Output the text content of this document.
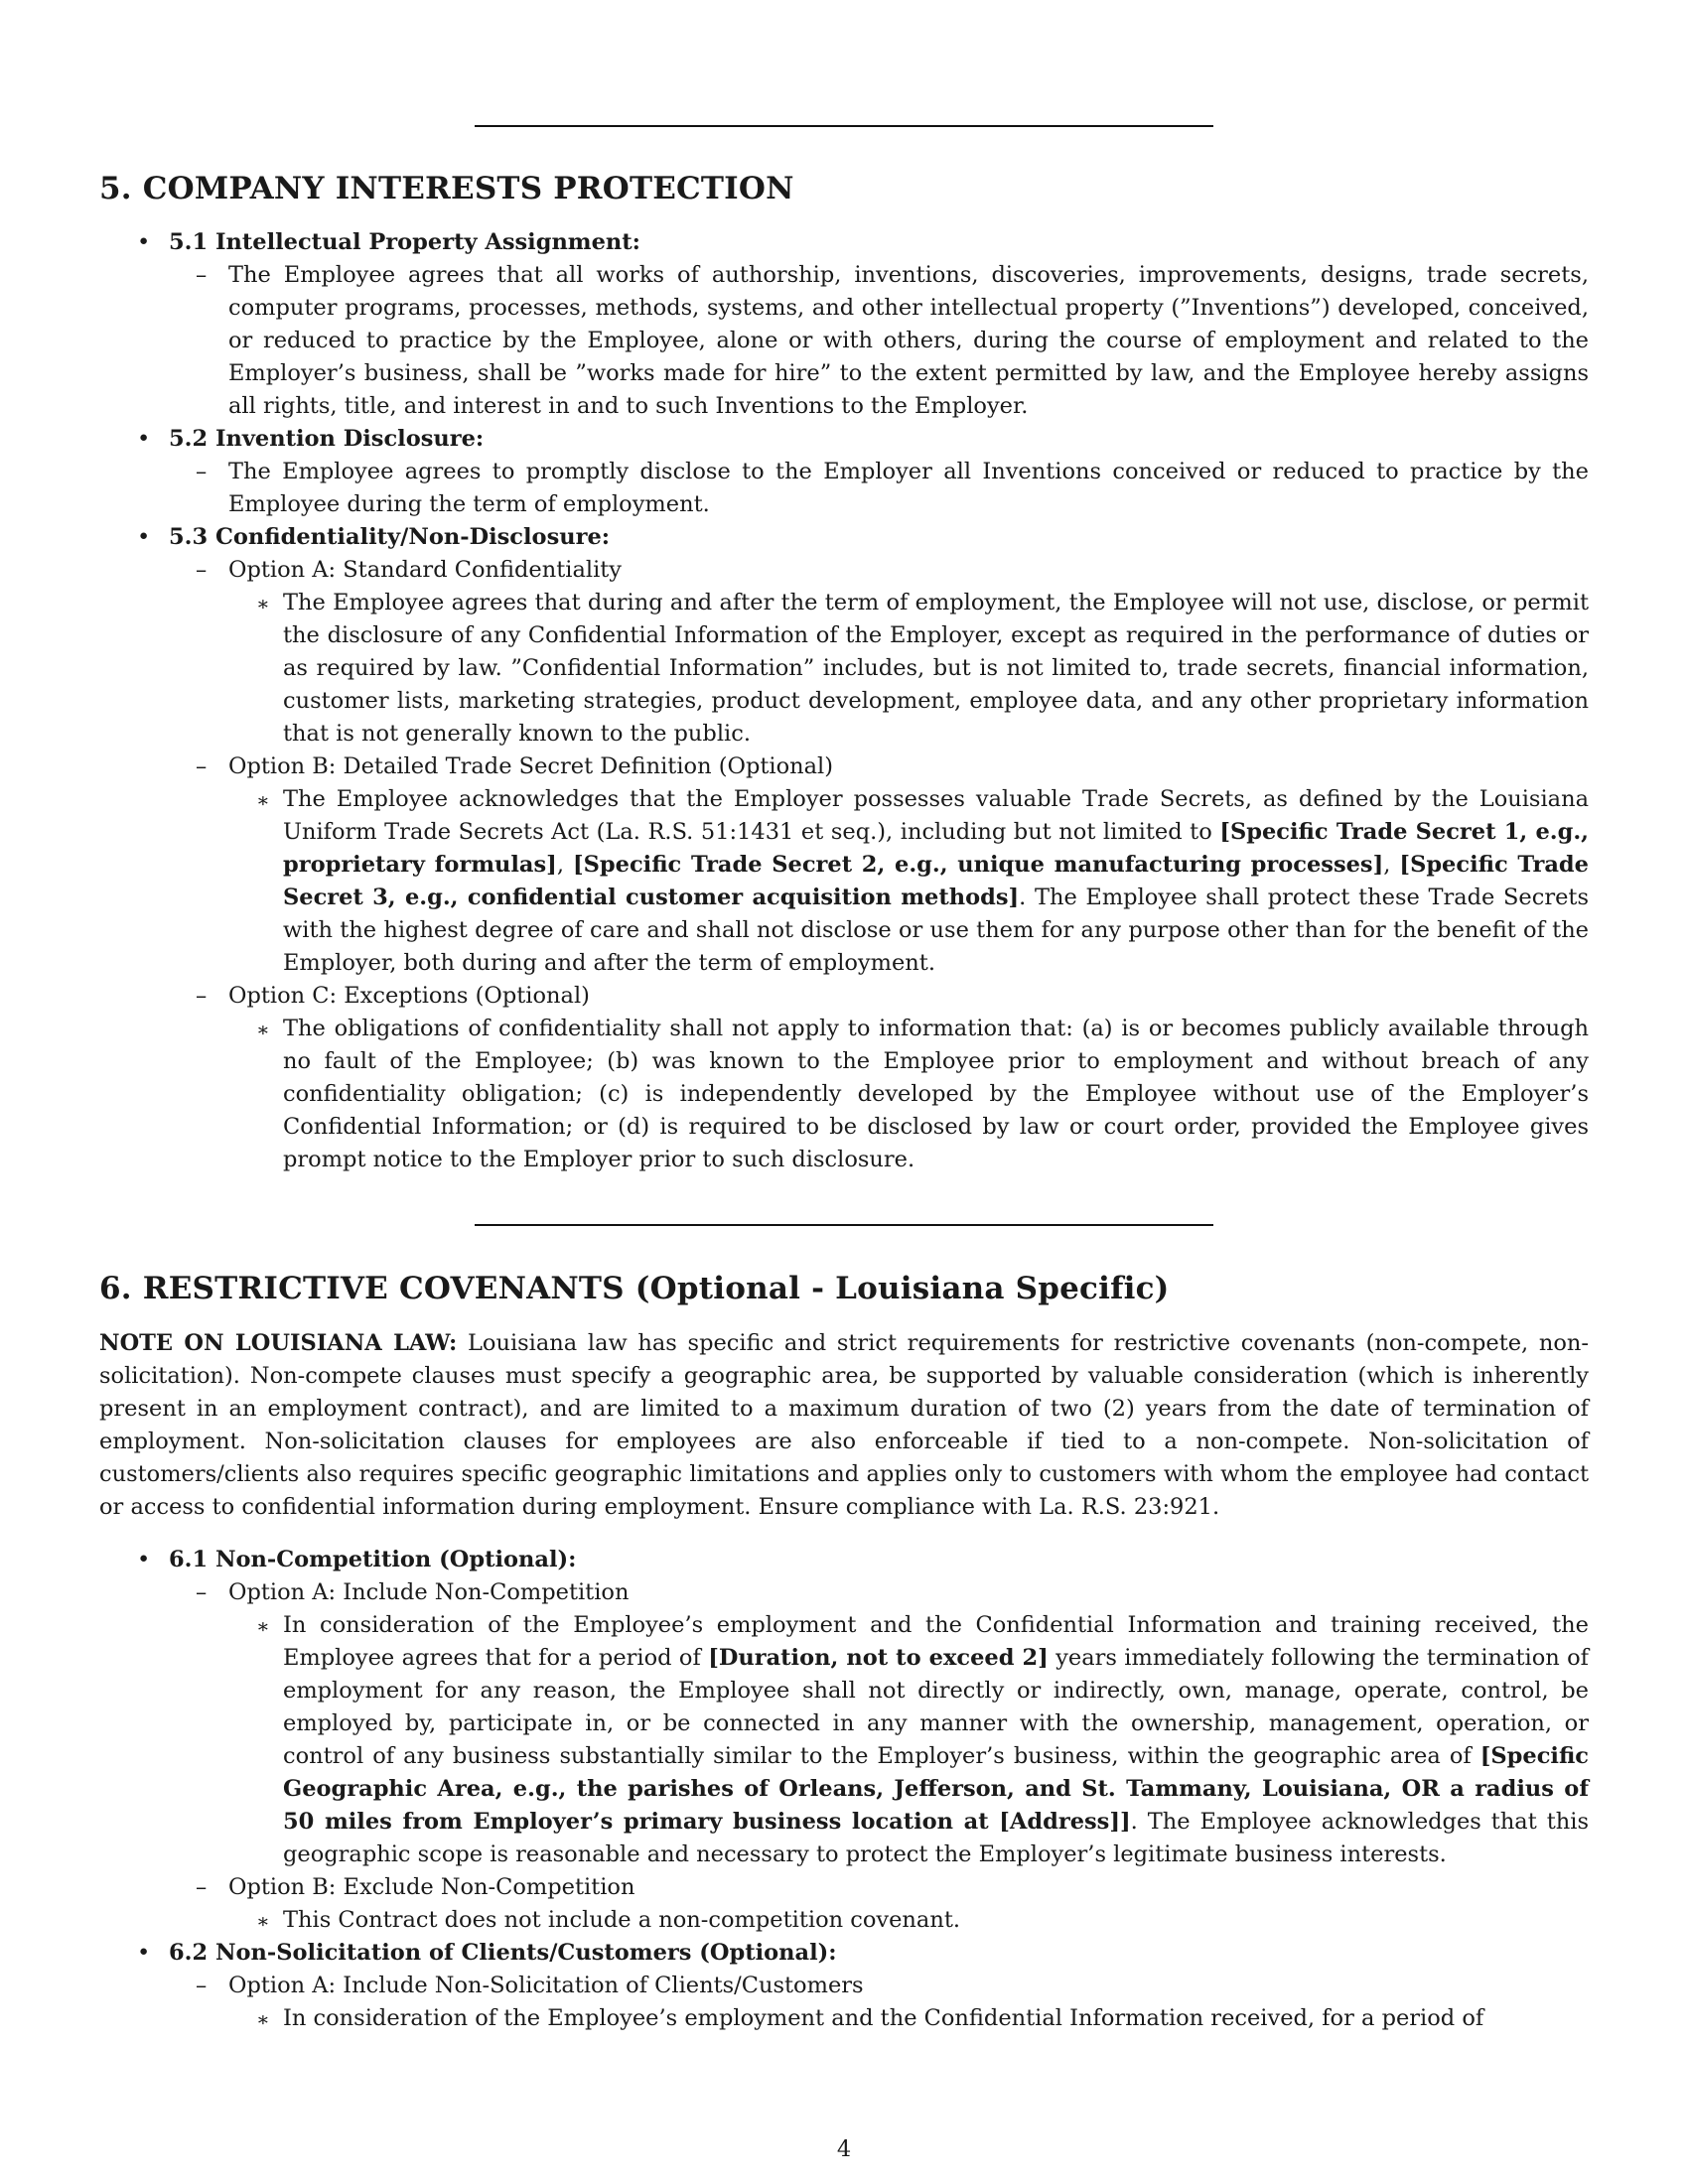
5. COMPANY INTERESTS PROTECTION
• 5.1 Intellectual Property Assignment:
– The Employee agrees that all works of authorship, inventions, discoveries, improvements, designs, trade secrets, computer programs, processes, methods, systems, and other intellectual property (”Inventions”) developed, conceived, or reduced to practice by the Employee, alone or with others, during the course of employment and related to the Employer’s business, shall be ”works made for hire” to the extent permitted by law, and the Employee hereby assigns all rights, title, and interest in and to such Inventions to the Employer.
• 5.2 Invention Disclosure:
– The Employee agrees to promptly disclose to the Employer all Inventions conceived or reduced to practice by the Employee during the term of employment.
• 5.3 Confidentiality/Non-Disclosure:
– Option A: Standard Confidentiality
∗ The Employee agrees that during and after the term of employment, the Employee will not use, disclose, or permit the disclosure of any Confidential Information of the Employer, except as required in the performance of duties or as required by law. ”Confidential Information” includes, but is not limited to, trade secrets, financial information, customer lists, marketing strategies, product development, employee data, and any other proprietary information that is not generally known to the public.
– Option B: Detailed Trade Secret Definition (Optional)
∗ The Employee acknowledges that the Employer possesses valuable Trade Secrets, as defined by the Louisiana Uniform Trade Secrets Act (La. R.S. 51:1431 et seq.), including but not limited to [Specific Trade Secret 1, e.g., proprietary formulas], [Specific Trade Secret 2, e.g., unique manufacturing processes], [Specific Trade Secret 3, e.g., confidential customer acquisition methods]. The Employee shall protect these Trade Secrets with the highest degree of care and shall not disclose or use them for any purpose other than for the benefit of the Employer, both during and after the term of employment.
– Option C: Exceptions (Optional)
∗ The obligations of confidentiality shall not apply to information that: (a) is or becomes publicly available through no fault of the Employee; (b) was known to the Employee prior to employment and without breach of any confidentiality obligation; (c) is independently developed by the Employee without use of the Employer’s Confidential Information; or (d) is required to be disclosed by law or court order, provided the Employee gives prompt notice to the Employer prior to such disclosure.
6. RESTRICTIVE COVENANTS (Optional - Louisiana Specific)
NOTE ON LOUISIANA LAW: Louisiana law has specific and strict requirements for restrictive covenants (non-compete, non-solicitation). Non-compete clauses must specify a geographic area, be supported by valuable consideration (which is inherently present in an employment contract), and are limited to a maximum duration of two (2) years from the date of termination of employment. Non-solicitation clauses for employees are also enforceable if tied to a non-compete. Non-solicitation of customers/clients also requires specific geographic limitations and applies only to customers with whom the employee had contact or access to confidential information during employment. Ensure compliance with La. R.S. 23:921.
• 6.1 Non-Competition (Optional):
– Option A: Include Non-Competition
∗ In consideration of the Employee’s employment and the Confidential Information and training received, the Employee agrees that for a period of [Duration, not to exceed 2] years immediately following the termination of employment for any reason, the Employee shall not directly or indirectly, own, manage, operate, control, be employed by, participate in, or be connected in any manner with the ownership, management, operation, or control of any business substantially similar to the Employer’s business, within the geographic area of [Specific Geographic Area, e.g., the parishes of Orleans, Jefferson, and St. Tammany, Louisiana, OR a radius of 50 miles from Employer’s primary business location at [Address]]. The Employee acknowledges that this geographic scope is reasonable and necessary to protect the Employer’s legitimate business interests.
– Option B: Exclude Non-Competition
∗ This Contract does not include a non-competition covenant.
• 6.2 Non-Solicitation of Clients/Customers (Optional):
– Option A: Include Non-Solicitation of Clients/Customers
∗ In consideration of the Employee’s employment and the Confidential Information received, for a period of
4
